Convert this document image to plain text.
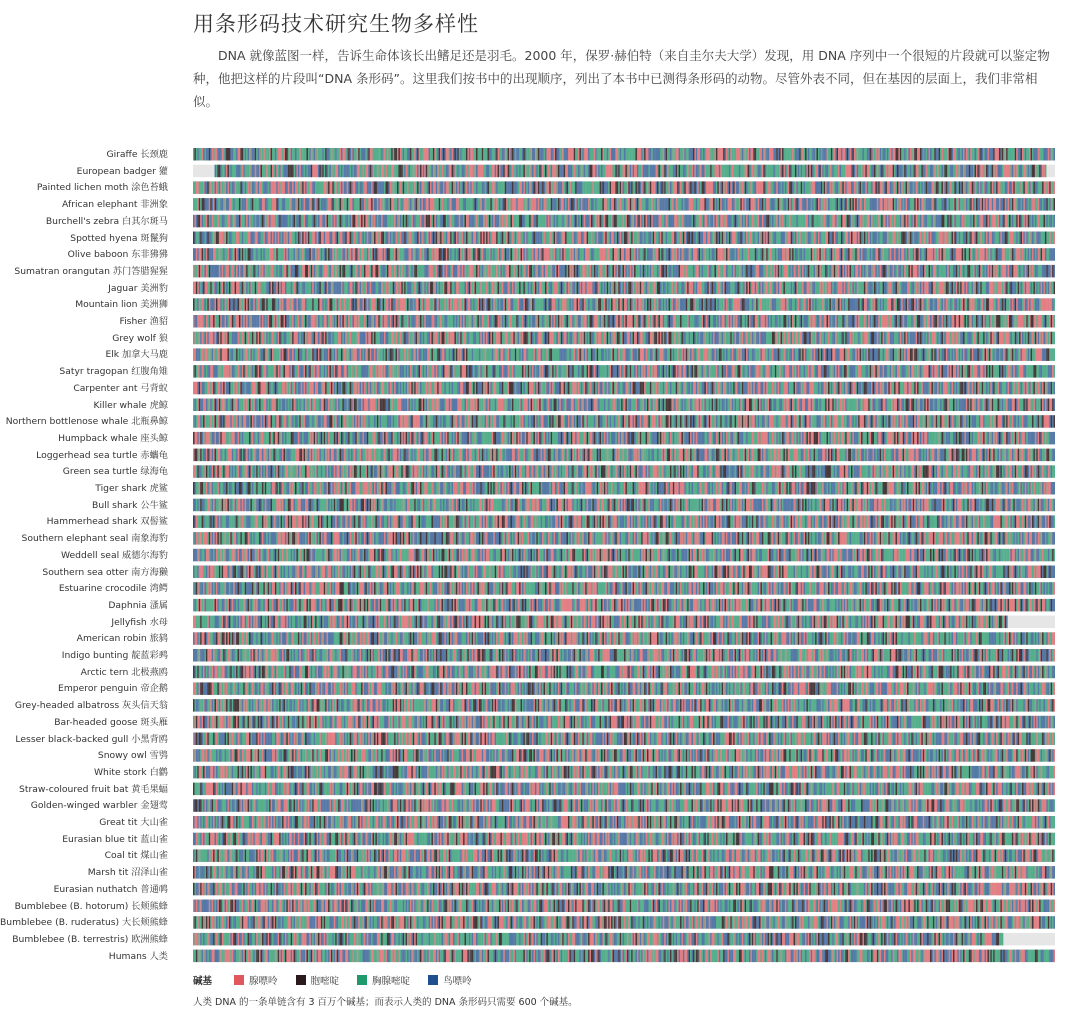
用条形码技术研究生物多样性
DNA 就像蓝图一样，告诉生命体该长出鳍足还是羽毛。2000 年，保罗·赫伯特（来自圭尔夫大学）发现，用 DNA 序列中一个很短的片段就可以鉴定物种，他把这样的片段叫“DNA 条形码”。这里我们按书中的出现顺序，列出了本书中已测得条形码的动物。尽管外表不同，但在基因的层面上，我们非常相似。
Giraffe 长颈鹿
European badger 獾
Painted lichen moth 涂色苔蛾
African elephant 非洲象
Burchell's zebra 白其尔斑马
Spotted hyena 斑鬣狗
Olive baboon 东非狒狒
Sumatran orangutan 苏门答腊猩猩
Jaguar 美洲豹
Mountain lion 美洲狮
Fisher 渔貂
Grey wolf 狼
Elk 加拿大马鹿
Satyr tragopan 红腹角雉
Carpenter ant 弓背蚁
Killer whale 虎鲸
Northern bottlenose whale 北瓶鼻鲸
Humpback whale 座头鲸
Loggerhead sea turtle 赤蠵龟
Green sea turtle 绿海龟
Tiger shark 虎鲨
Bull shark 公牛鲨
Hammerhead shark 双髻鲨
Southern elephant seal 南象海豹
Weddell seal 威德尔海豹
Southern sea otter 南方海獭
Estuarine crocodile 湾鳄
Daphnia 溞属
Jellyfish 水母
American robin 旅鸫
Indigo bunting 靛蓝彩鹀
Arctic tern 北极燕鸥
Emperor penguin 帝企鹅
Grey-headed albatross 灰头信天翁
Bar-headed goose 斑头雁
Lesser black-backed gull 小黑背鸥
Snowy owl 雪鸮
White stork 白鹳
Straw-coloured fruit bat 黄毛果蝠
Golden-winged warbler 金翅莺
Great tit 大山雀
Eurasian blue tit 蓝山雀
Coal tit 煤山雀
Marsh tit 沼泽山雀
Eurasian nuthatch 普通䴓
Bumblebee (B. hotorum) 长颊熊蜂
Bumblebee (B. ruderatus) 大长颊熊蜂
Bumblebee (B. terrestris) 欧洲熊蜂
Humans 人类
碱基	腺嘌呤	胞嘧啶	胸腺嘧啶	鸟嘌呤
人类 DNA 的一条单链含有 3 百万个碱基；而表示人类的 DNA 条形码只需要 600 个碱基。
